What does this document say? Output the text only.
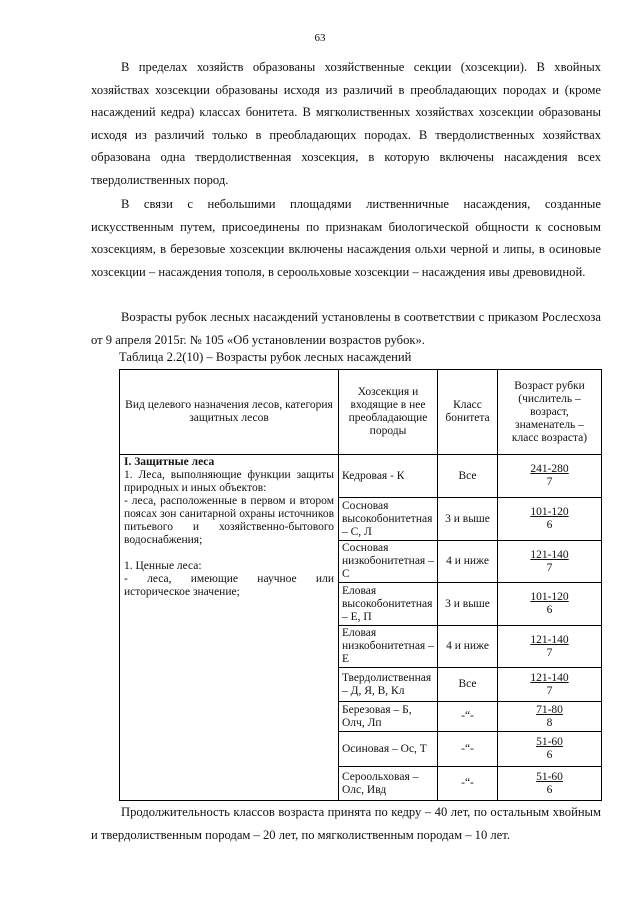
63

В пределах хозяйств образованы хозяйственные секции (хозсекции). В хвойных хозяйствах хозсекции образованы исходя из различий в преобладающих породах и (кроме насаждений кедра) классах бонитета. В мягколиственных хозяйствах хозсекции образованы исходя из различий только в преобладающих породах. В твердолиственных хозяйствах образована одна твердолиственная хозсекция, в которую включены насаждения всех твердолиственных пород.

В связи с небольшими площадями лиственничные насаждения, созданные искусственным путем, присоединены по признакам биологической общности к сосновым хозсекциям, в березовые хозсекции включены насаждения ольхи черной и липы, в осиновые хозсекции – насаждения тополя, в сероольховые хозсекции – насаждения ивы древовидной.

Возрасты рубок лесных насаждений установлены в соответствии с приказом Рослесхоза от 9 апреля 2015г. № 105 «Об установлении возрастов рубок».

Таблица 2.2(10) – Возрасты рубок лесных насаждений
Вид целевого назначения лесов, категория защитных лесов	Хозсекция и входящие в нее преобладающие породы	Класс бонитета	Возраст рубки (числитель – возраст, знаменатель – класс возраста)

I. Защитные леса
1. Леса, выполняющие функции защиты природных и иных объектов:
- леса, расположенные в первом и втором поясах зон санитарной охраны источников питьевого и хозяйственно-бытового водоснабжения;
1. Ценные леса:
- леса, имеющие научное или историческое значение;	Кедровая - К	Все	241-280
7

	Сосновая высокобонитетная – С, Л	3 и выше	101-120
6

	Сосновая низкобонитетная – С	4 и ниже	121-140
7

	Еловая высокобонитетная – Е, П	3 и выше	101-120
6

	Еловая низкобонитетная – Е	4 и ниже	121-140
7

	Твердолиственная – Д, Я, В, Кл	Все	121-140
7

	Березовая – Б, Олч, Лп	-“-	71-80
8

	Осиновая – Ос, Т	-“-	51-60
6

	Сероольховая – Олс, Ивд	-“-	51-60
6

Продолжительность классов возраста принята по кедру – 40 лет, по остальным хвойным и твердолиственным породам – 20 лет, по мягколиственным породам – 10 лет.
